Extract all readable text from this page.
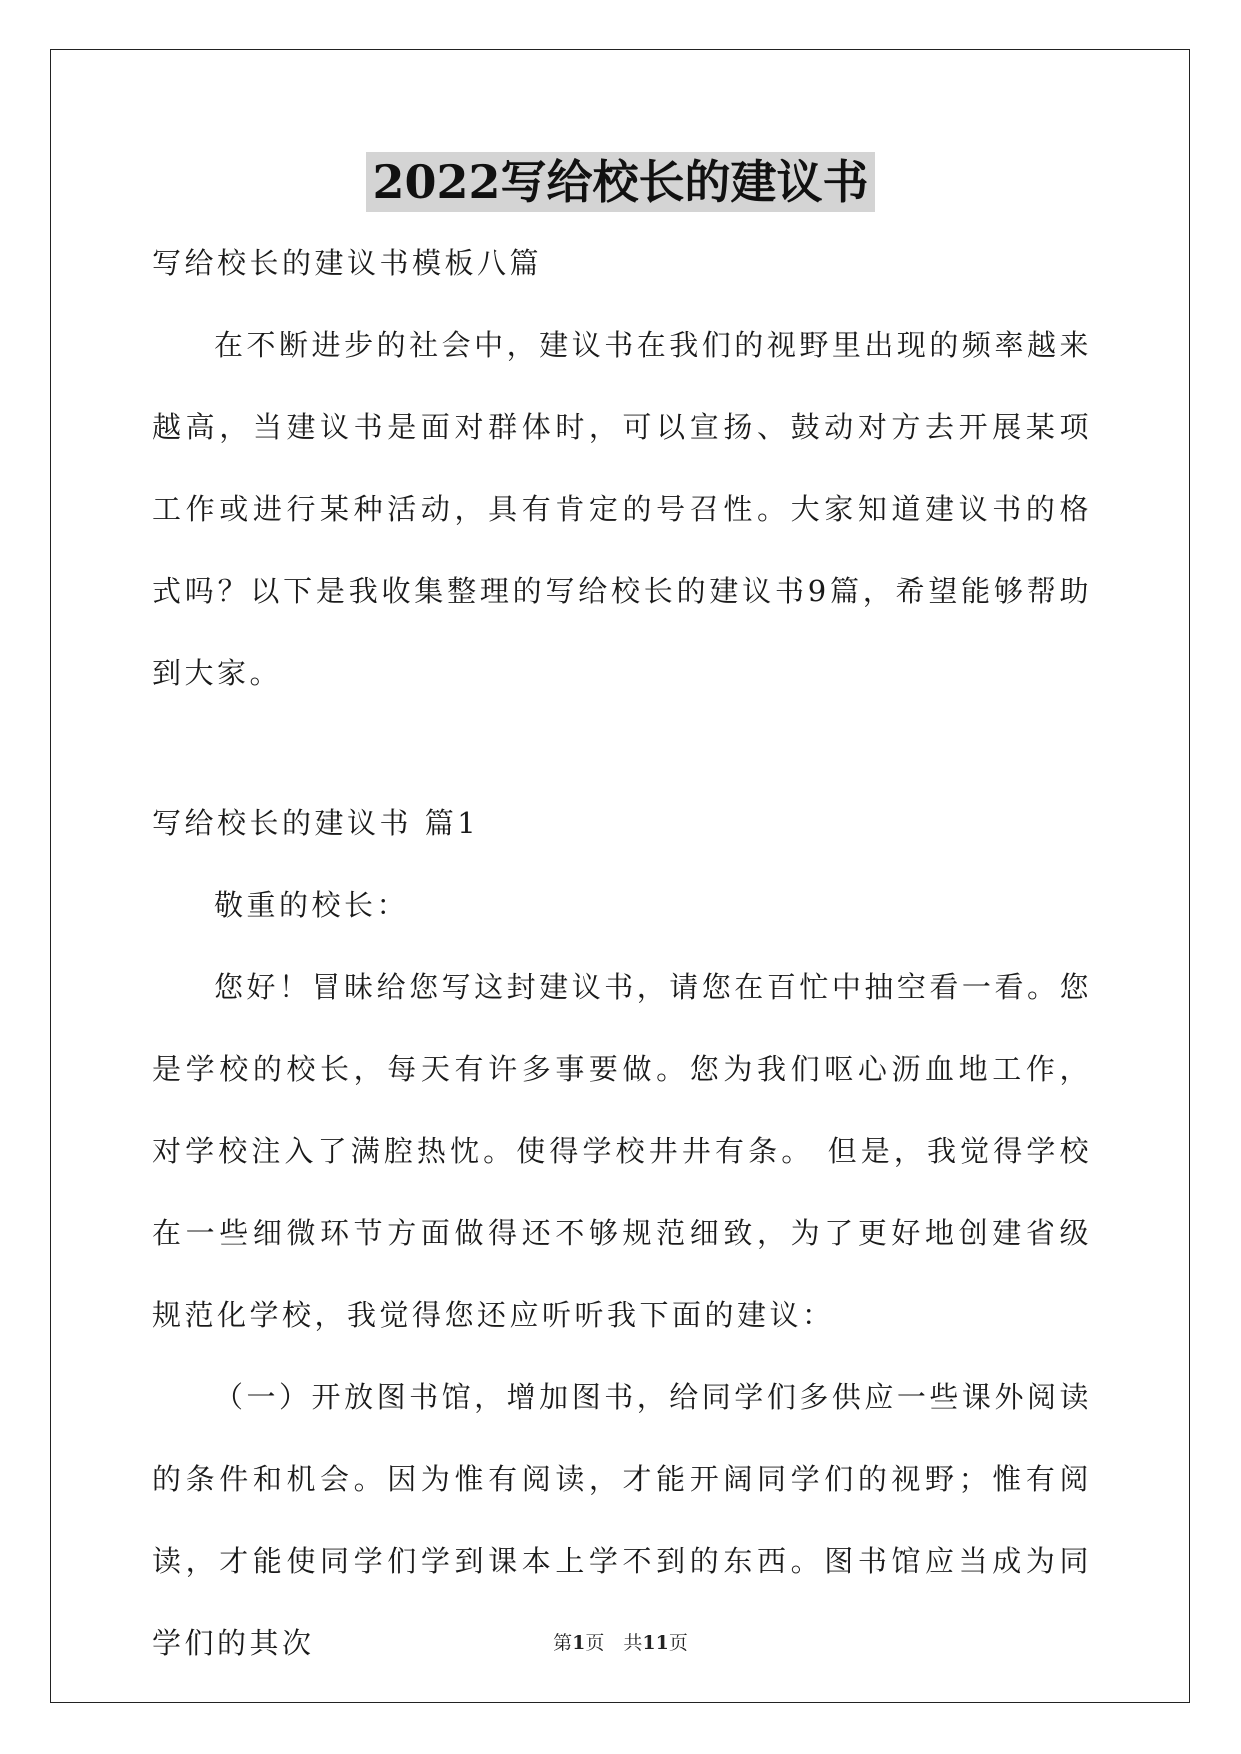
2022写给校长的建议书

写给校长的建议书模板八篇

在不断进步的社会中，建议书在我们的视野里出现的频率越来越高，当建议书是面对群体时，可以宣扬、鼓动对方去开展某项工作或进行某种活动，具有肯定的号召性。大家知道建议书的格式吗？以下是我收集整理的写给校长的建议书9篇，希望能够帮助到大家。

写给校长的建议书 篇1

敬重的校长：

您好！冒昧给您写这封建议书，请您在百忙中抽空看一看。您是学校的校长，每天有许多事要做。您为我们呕心沥血地工作，对学校注入了满腔热忱。使得学校井井有条。 但是，我觉得学校在一些细微环节方面做得还不够规范细致，为了更好地创建省级规范化学校，我觉得您还应听听我下面的建议：

（一）开放图书馆，增加图书，给同学们多供应一些课外阅读的条件和机会。因为惟有阅读，才能开阔同学们的视野；惟有阅读，才能使同学们学到课本上学不到的东西。图书馆应当成为同学们的其次	第1页　共11页
